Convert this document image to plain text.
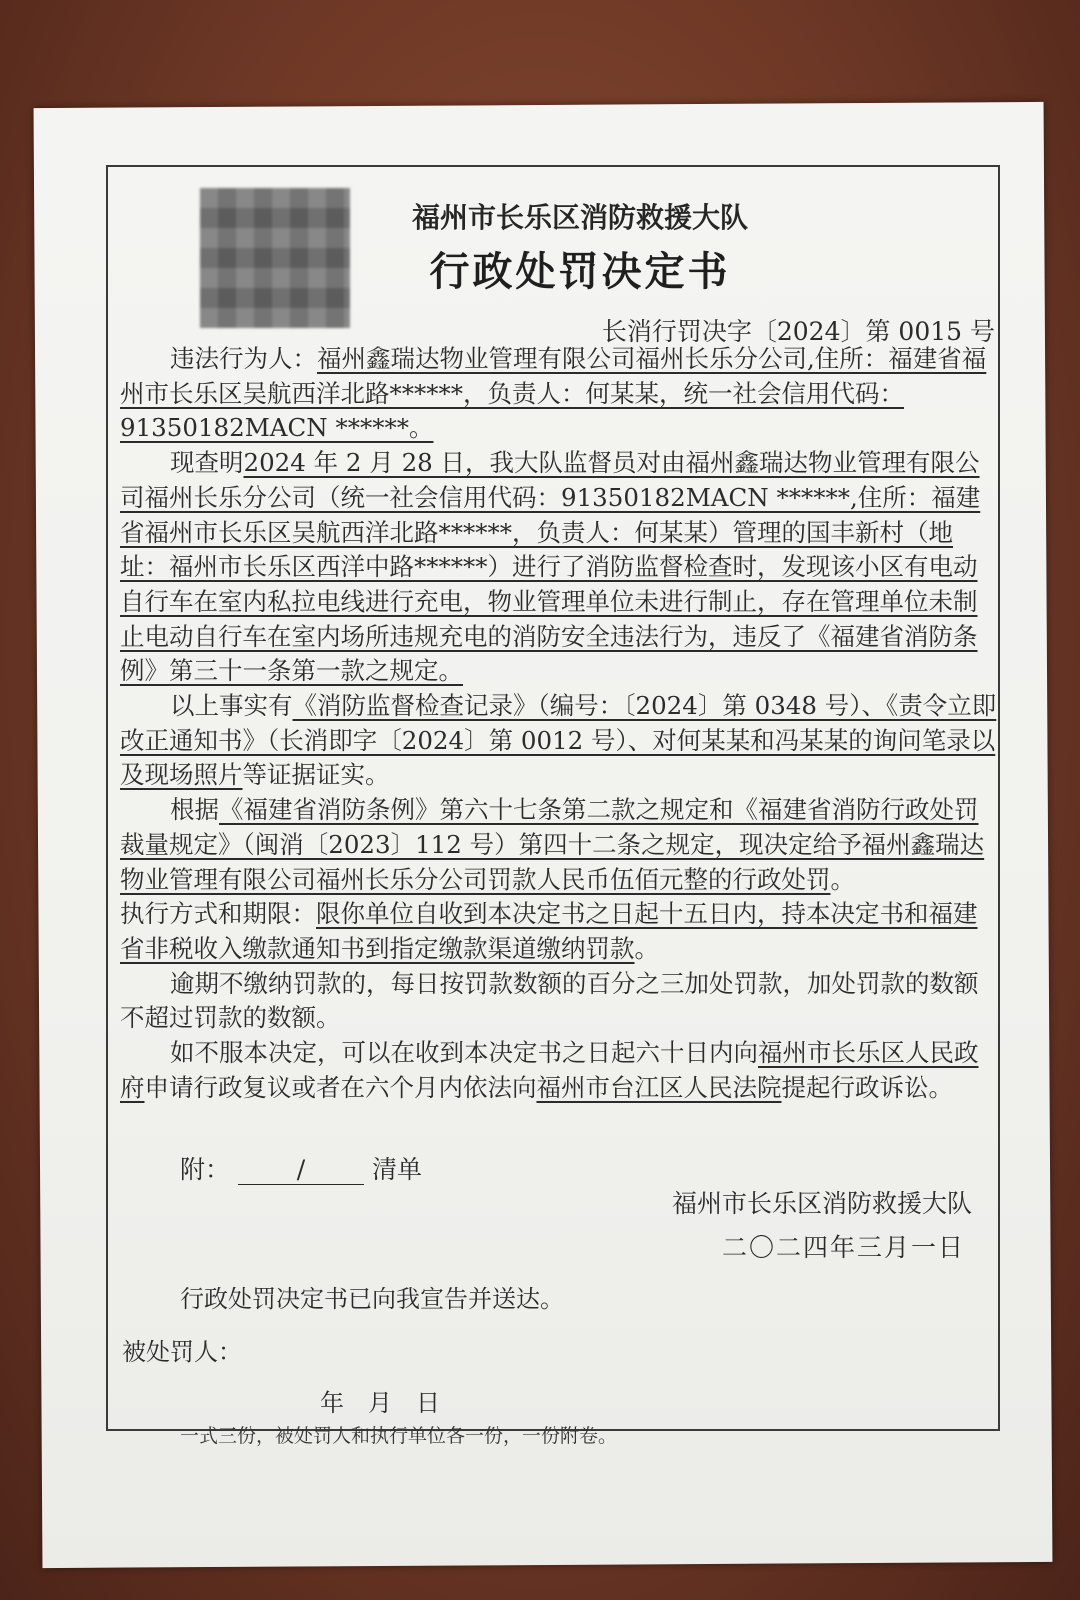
福州市长乐区消防救援大队
行政处罚决定书
长消行罚决字〔2024〕第 0015 号

违法行为人：福州鑫瑞达物业管理有限公司福州长乐分公司,住所：福建省福州市长乐区吴航西洋北路******，负责人：何某某，统一社会信用代码：91350182MACN ******。

现查明2024 年 2 月 28 日，我大队监督员对由福州鑫瑞达物业管理有限公司福州长乐分公司（统一社会信用代码：91350182MACN ******,住所：福建省福州市长乐区吴航西洋北路******，负责人：何某某）管理的国丰新村（地址：福州市长乐区西洋中路******）进行了消防监督检查时，发现该小区有电动自行车在室内私拉电线进行充电，物业管理单位未进行制止，存在管理单位未制止电动自行车在室内场所违规充电的消防安全违法行为，违反了《福建省消防条例》第三十一条第一款之规定。

以上事实有《消防监督检查记录》（编号：〔2024〕第 0348 号）、《责令立即改正通知书》（长消即字〔2024〕第 0012 号）、对何某某和冯某某的询问笔录以及现场照片等证据证实。

根据《福建省消防条例》第六十七条第二款之规定和《福建省消防行政处罚裁量规定》（闽消〔2023〕112 号）第四十二条之规定，现决定给予福州鑫瑞达物业管理有限公司福州长乐分公司罚款人民币伍佰元整的行政处罚。

执行方式和期限：限你单位自收到本决定书之日起十五日内，持本决定书和福建省非税收入缴款通知书到指定缴款渠道缴纳罚款。

逾期不缴纳罚款的，每日按罚款数额的百分之三加处罚款，加处罚款的数额不超过罚款的数额。

如不服本决定，可以在收到本决定书之日起六十日内向福州市长乐区人民政府申请行政复议或者在六个月内依法向福州市台江区人民法院提起行政诉讼。

附：	/	清单
福州市长乐区消防救援大队
二〇二四年三月一日
行政处罚决定书已向我宣告并送达。
被处罚人：
年　月　日
一式三份，被处罚人和执行单位各一份，一份附卷。
